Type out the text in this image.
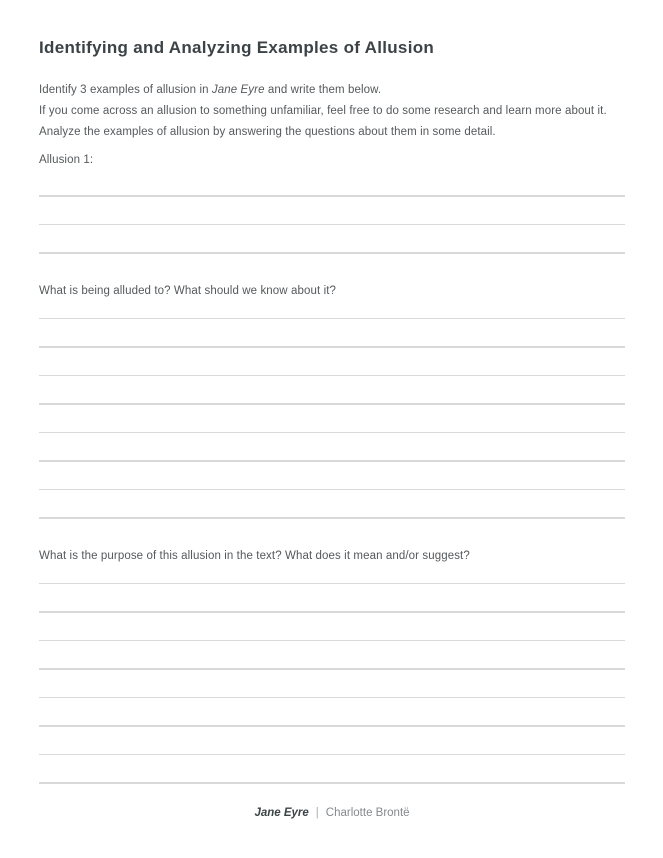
Identifying and Analyzing Examples of Allusion

Identify 3 examples of allusion in Jane Eyre and write them below.
If you come across an allusion to something unfamiliar, feel free to do some research and learn more about it.
Analyze the examples of allusion by answering the questions about them in some detail.

Allusion 1:
What is being alluded to? What should we know about it?
What is the purpose of this allusion in the text? What does it mean and/or suggest?
Jane Eyre | Charlotte Brontë
